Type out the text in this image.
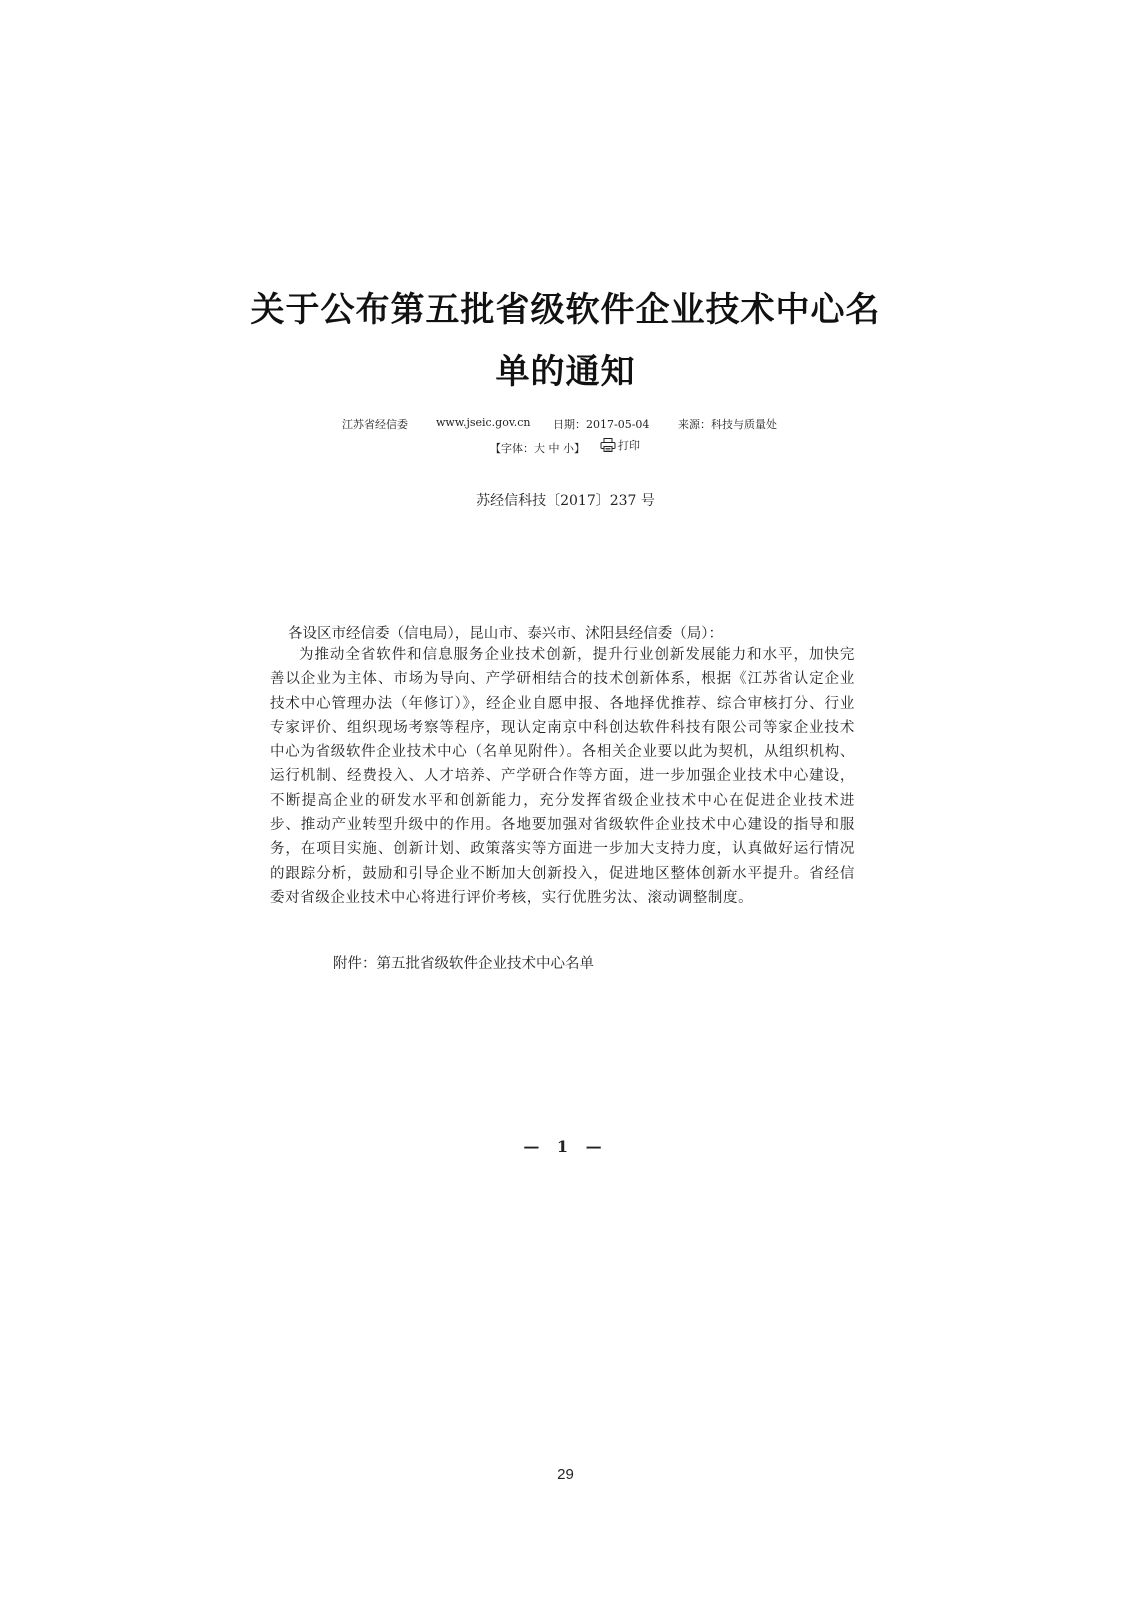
关于公布第五批省级软件企业技术中心名
单的通知
江苏省经信委	www.jseic.gov.cn 日期：2017-05-04	来源：科技与质量处
【字体：大 中 小】	打印
苏经信科技〔2017〕237 号
各设区市经信委（信电局），昆山市、泰兴市、沭阳县经信委（局）：

为推动全省软件和信息服务企业技术创新，提升行业创新发展能力和水平，加快完善以企业为主体、市场为导向、产学研相结合的技术创新体系，根据《江苏省认定企业技术中心管理办法（年修订）》，经企业自愿申报、各地择优推荐、综合审核打分、行业专家评价、组织现场考察等程序，现认定南京中科创达软件科技有限公司等家企业技术中心为省级软件企业技术中心（名单见附件）。各相关企业要以此为契机，从组织机构、运行机制、经费投入、人才培养、产学研合作等方面，进一步加强企业技术中心建设，不断提高企业的研发水平和创新能力，充分发挥省级企业技术中心在促进企业技术进步、推动产业转型升级中的作用。各地要加强对省级软件企业技术中心建设的指导和服务，在项目实施、创新计划、政策落实等方面进一步加大支持力度，认真做好运行情况的跟踪分析，鼓励和引导企业不断加大创新投入，促进地区整体创新水平提升。省经信委对省级企业技术中心将进行评价考核，实行优胜劣汰、滚动调整制度。

附件：第五批省级软件企业技术中心名单
— 1 —
29
